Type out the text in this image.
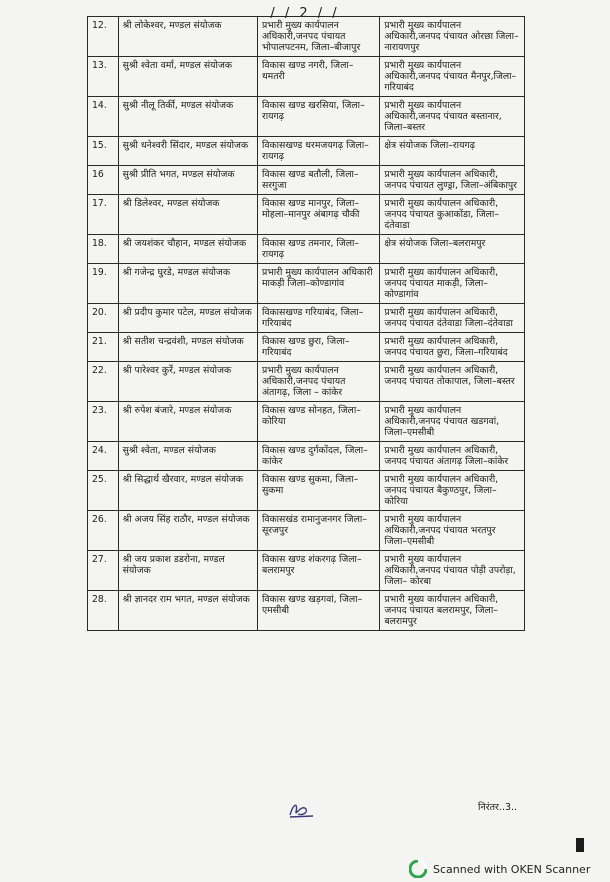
/ / 2 / /
12.	श्री लोकेश्वर, मण्डल संयोजक	प्रभारी मुख्य कार्यपालन अधिकारी,जनपद पंचायत भोपालपटनम, जिला–बीजापुर	प्रभारी मुख्य कार्यपालन अधिकारी,जनपद पंचायत ओरछा जिला–नारायणपुर
13.	सुश्री श्वेता वर्मा, मण्डल संयोजक	विकास खण्ड नगरी, जिला– धमतरी	प्रभारी मुख्य कार्यपालन अधिकारी,जनपद पंचायत मैनपुर,जिला–गरियाबंद
14.	सुश्री नीलू तिर्की, मण्डल संयोजक	विकास खण्ड खरसिया, जिला–रायगढ़	प्रभारी मुख्य कार्यपालन अधिकारी,जनपद पंचायत बस्तानार, जिला–बस्तर
15.	सुश्री धनेश्वरी सिंदार, मण्डल संयोजक	विकासखण्ड धरमजयगढ़ जिला–रायगढ़	क्षेत्र संयोजक जिला–रायगढ़
16	सुश्री प्रीति भगत, मण्डल संयोजक	विकास खण्ड बतौली, जिला–सरगुजा	प्रभारी मुख्य कार्यपालन अधिकारी, जनपद पंचायत लुण्ड्रा, जिला–अंबिकापुर
17.	श्री डिलेश्वर, मण्डल संयोजक	विकास खण्ड मानपुर, जिला–मोहला–मानपुर अंबागढ़ चौकी	प्रभारी मुख्य कार्यपालन अधिकारी, जनपद पंचायत कुआकोंडा, जिला–दंतेवाडा
18.	श्री जयशंकर चौहान, मण्डल संयोजक	विकास खण्ड तमनार, जिला– रायगढ़	क्षेत्र संयोजक जिला–बलरामपुर
19.	श्री गजेन्द्र घुरडे, मण्डल संयोजक	प्रभारी मुख्य कार्यपालन अधिकारी माकड़ी जिला–कोण्डागांव	प्रभारी मुख्य कार्यपालन अधिकारी, जनपद पंचायत माकड़ी, जिला–कोण्डागांव
20.	श्री प्रदीप कुमार पटेल, मण्डल संयोजक	विकासखण्ड गरियाबंद, जिला–गरियाबंद	प्रभारी मुख्य कार्यपालन अधिकारी, जनपद पंचायत दंतेवाडा जिला–दंतेवाडा
21.	श्री सतीश चन्द्रवंशी, मण्डल संयोजक	विकास खण्ड छुरा, जिला–गरियाबंद	प्रभारी मुख्य कार्यपालन अधिकारी, जनपद पंचायत छुरा, जिला–गरियाबंद
22.	श्री पारेश्वर कुर्रे, मण्डल संयोजक	प्रभारी मुख्य कार्यपालन अधिकारी,जनपद पंचायत अंतागढ़, जिला – कांकेर	प्रभारी मुख्य कार्यपालन अधिकारी, जनपद पंचायत तोकापाल, जिला–बस्तर
23.	श्री रुपेश बंजारे, मण्डल संयोजक	विकास खण्ड सोनहत, जिला– कोरिया	प्रभारी मुख्य कार्यपालन अधिकारी,जनपद पंचायत खडगवां, जिला–एमसीबी
24.	सुश्री श्वेता, मण्डल संयोजक	विकास खण्ड दुर्गकोंदल, जिला–कांकेर	प्रभारी मुख्य कार्यपालन अधिकारी, जनपद पंचायत अंतागढ़ जिला–कांकेर
25.	श्री सिद्धार्थ खैरवार, मण्डल संयोजक	विकास खण्ड सुकमा, जिला–सुकमा	प्रभारी मुख्य कार्यपालन अधिकारी, जनपद पंचायत बैकुण्ठपुर, जिला–कोरिया
26.	श्री अजय सिंह राठौर, मण्डल संयोजक	विकासखंड रामानुजनगर जिला– सूरजपुर	प्रभारी मुख्य कार्यपालन अधिकारी,जनपद पंचायत भरतपुर जिला–एमसीबी
27.	श्री जय प्रकाश डडरोना, मण्डल संयोजक	विकास खण्ड शंकरगढ़ जिला– बलरामपुर	प्रभारी मुख्य कार्यपालन अधिकारी,जनपद पंचायत पोड़ी उपरोड़ा, जिला– कोरबा
28.	श्री ज्ञानदर राम भगत, मण्डल संयोजक	विकास खण्ड खड़गवां, जिला– एमसीबी	प्रभारी मुख्य कार्यपालन अधिकारी, जनपद पंचायत बलरामपुर, जिला–बलरामपुर
निरंतर..3..
Scanned with OKEN Scanner
